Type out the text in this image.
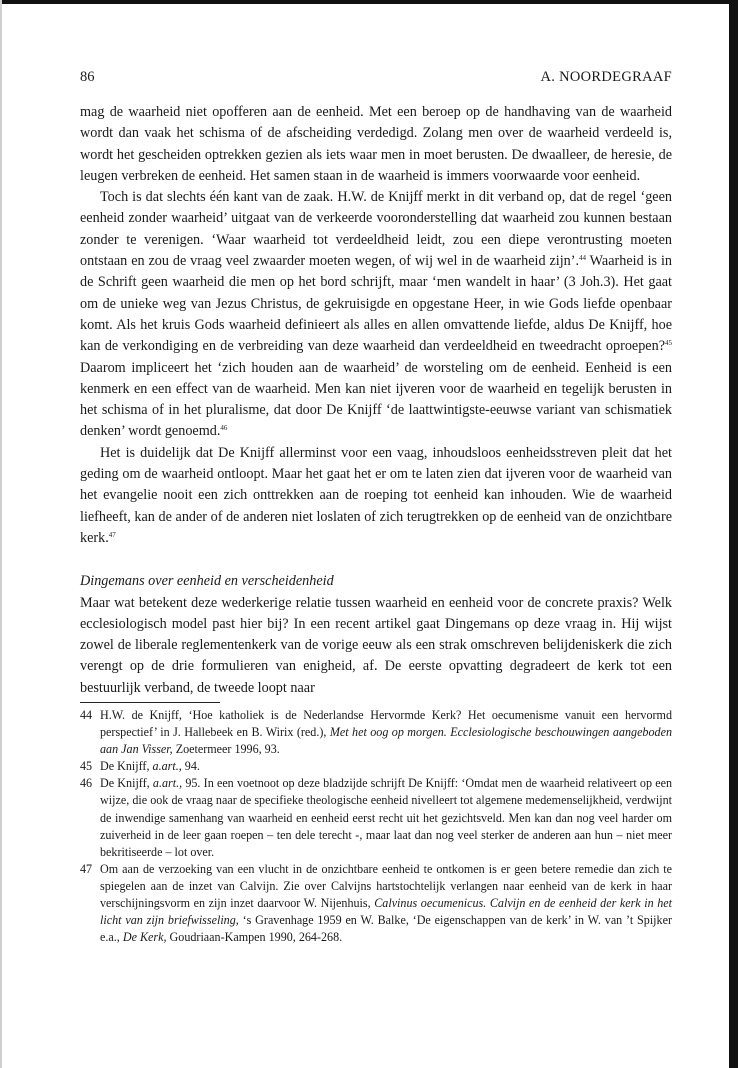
86	A. NOORDEGRAAF

mag de waarheid niet opofferen aan de eenheid. Met een beroep op de handhaving van de waarheid wordt dan vaak het schisma of de afscheiding verdedigd. Zolang men over de waarheid verdeeld is, wordt het gescheiden optrekken gezien als iets waar men in moet berusten. De dwaalleer, de heresie, de leugen verbreken de eenheid. Het samen staan in de waarheid is immers voorwaarde voor eenheid.

Toch is dat slechts één kant van de zaak. H.W. de Knijff merkt in dit verband op, dat de regel ‘geen eenheid zonder waarheid’ uitgaat van de verkeerde vooronderstelling dat waarheid zou kunnen bestaan zonder te verenigen. ‘Waar waarheid tot verdeeldheid leidt, zou een diepe verontrusting moeten ontstaan en zou de vraag veel zwaarder moeten wegen, of wij wel in de waarheid zijn’.$^{44}$ Waarheid is in de Schrift geen waarheid die men op het bord schrijft, maar ‘men wandelt in haar’ (3 Joh.3). Het gaat om de unieke weg van Jezus Christus, de gekruisigde en opgestane Heer, in wie Gods liefde openbaar komt. Als het kruis Gods waarheid definieert als alles en allen omvattende liefde, aldus De Knijff, hoe kan de verkondiging en de verbreiding van deze waarheid dan verdeeldheid en tweedracht oproepen?$^{45}$ Daarom impliceert het ‘zich houden aan de waarheid’ de worsteling om de eenheid. Eenheid is een kenmerk en een effect van de waarheid. Men kan niet ijveren voor de waarheid en tegelijk berusten in het schisma of in het pluralisme, dat door De Knijff ‘de laattwintigste-eeuwse variant van schismatiek denken’ wordt genoemd.$^{46}$

Het is duidelijk dat De Knijff allerminst voor een vaag, inhoudsloos eenheidsstreven pleit dat het geding om de waarheid ontloopt. Maar het gaat het er om te laten zien dat ijveren voor de waarheid van het evangelie nooit een zich onttrekken aan de roeping tot eenheid kan inhouden. Wie de waarheid liefheeft, kan de ander of de anderen niet loslaten of zich terugtrekken op de eenheid van de onzichtbare kerk.$^{47}$

Dingemans over eenheid en verscheidenheid

Maar wat betekent deze wederkerige relatie tussen waarheid en eenheid voor de concrete praxis? Welk ecclesiologisch model past hier bij? In een recent artikel gaat Dingemans op deze vraag in. Hij wijst zowel de liberale reglementenkerk van de vorige eeuw als een strak omschreven belijdeniskerk die zich verengt op de drie formulieren van enigheid, af. De eerste opvatting degradeert de kerk tot een bestuurlijk verband, de tweede loopt naar

44 H.W. de Knijff, ‘Hoe katholiek is de Nederlandse Hervormde Kerk? Het oecumenisme vanuit een hervormd perspectief’ in J. Hallebeek en B. Wirix (red.), Met het oog op morgen. Ecclesiologische beschouwingen aangeboden aan Jan Visser, Zoetermeer 1996, 93.
45 De Knijff, a.art., 94.
46 De Knijff, a.art., 95. In een voetnoot op deze bladzijde schrijft De Knijff: ‘Omdat men de waarheid relativeert op een wijze, die ook de vraag naar de specifieke theologische eenheid nivelleert tot algemene medemenselijkheid, verdwijnt de inwendige samenhang van waarheid en eenheid eerst recht uit het gezichtsveld. Men kan dan nog veel harder om zuiverheid in de leer gaan roepen – ten dele terecht -, maar laat dan nog veel sterker de anderen aan hun – niet meer bekritiseerde – lot over.
47 Om aan de verzoeking van een vlucht in de onzichtbare eenheid te ontkomen is er geen betere remedie dan zich te spiegelen aan de inzet van Calvijn. Zie over Calvijns hartstochtelijk verlangen naar eenheid van de kerk in haar verschijningsvorm en zijn inzet daarvoor W. Nijenhuis, Calvinus oecumenicus. Calvijn en de eenheid der kerk in het licht van zijn briefwisseling, ‘s Gravenhage 1959 en W. Balke, ‘De eigenschappen van de kerk’ in W. van ’t Spijker e.a., De Kerk, Goudriaan-Kampen 1990, 264-268.
